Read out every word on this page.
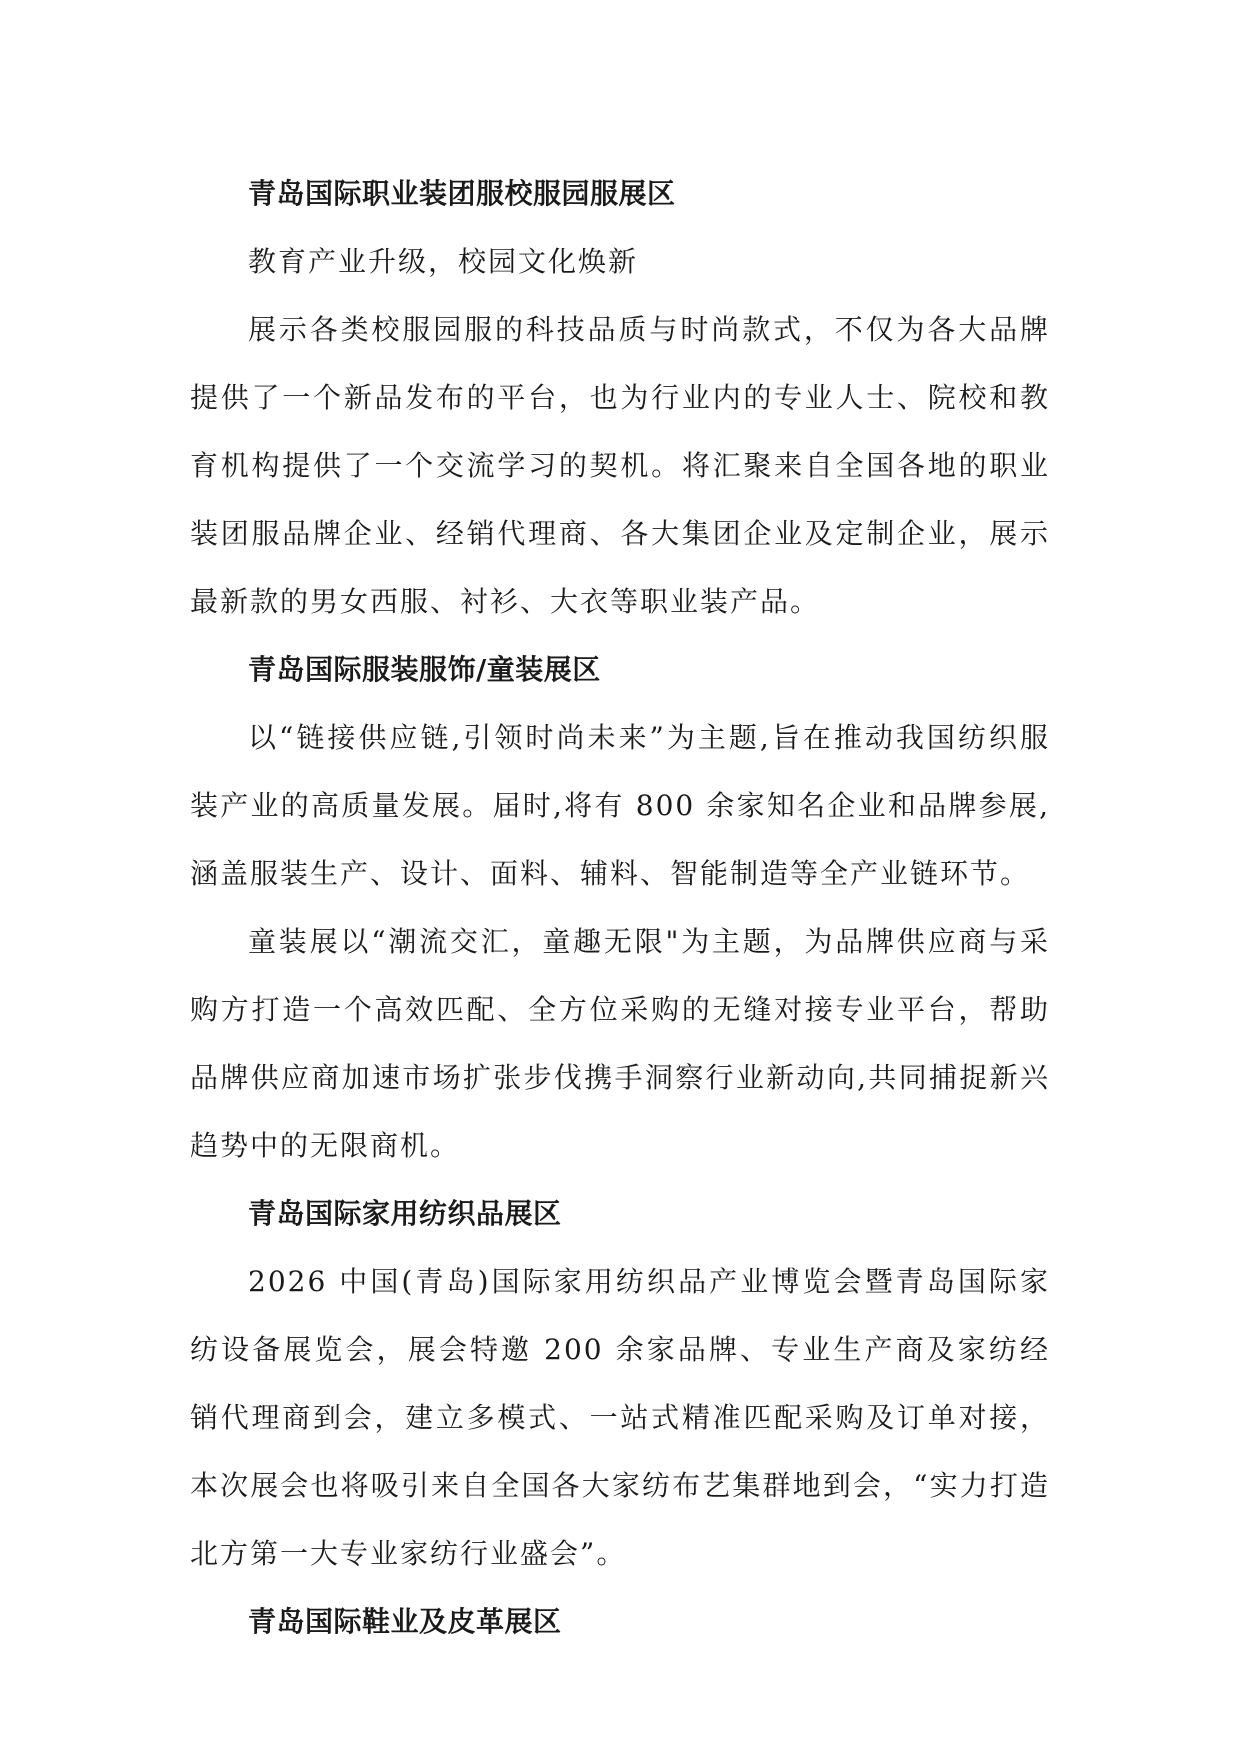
青岛国际职业装团服校服园服展区

教育产业升级，校园文化焕新

展示各类校服园服的科技品质与时尚款式，不仅为各大品牌提供了一个新品发布的平台，也为行业内的专业人士、院校和教育机构提供了一个交流学习的契机。将汇聚来自全国各地的职业装团服品牌企业、经销代理商、各大集团企业及定制企业，展示最新款的男女西服、衬衫、大衣等职业装产品。

青岛国际服装服饰/童装展区

以“链接供应链,引领时尚未来”为主题,旨在推动我国纺织服装产业的高质量发展。届时,将有 800 余家知名企业和品牌参展,涵盖服装生产、设计、面料、辅料、智能制造等全产业链环节。

童装展以“潮流交汇，童趣无限"为主题，为品牌供应商与采购方打造一个高效匹配、全方位采购的无缝对接专业平台，帮助品牌供应商加速市场扩张步伐携手洞察行业新动向,共同捕捉新兴趋势中的无限商机。

青岛国际家用纺织品展区

2026 中国(青岛)国际家用纺织品产业博览会暨青岛国际家纺设备展览会，展会特邀 200 余家品牌、专业生产商及家纺经销代理商到会，建立多模式、一站式精准匹配采购及订单对接，本次展会也将吸引来自全国各大家纺布艺集群地到会，“实力打造北方第一大专业家纺行业盛会”。

青岛国际鞋业及皮革展区
